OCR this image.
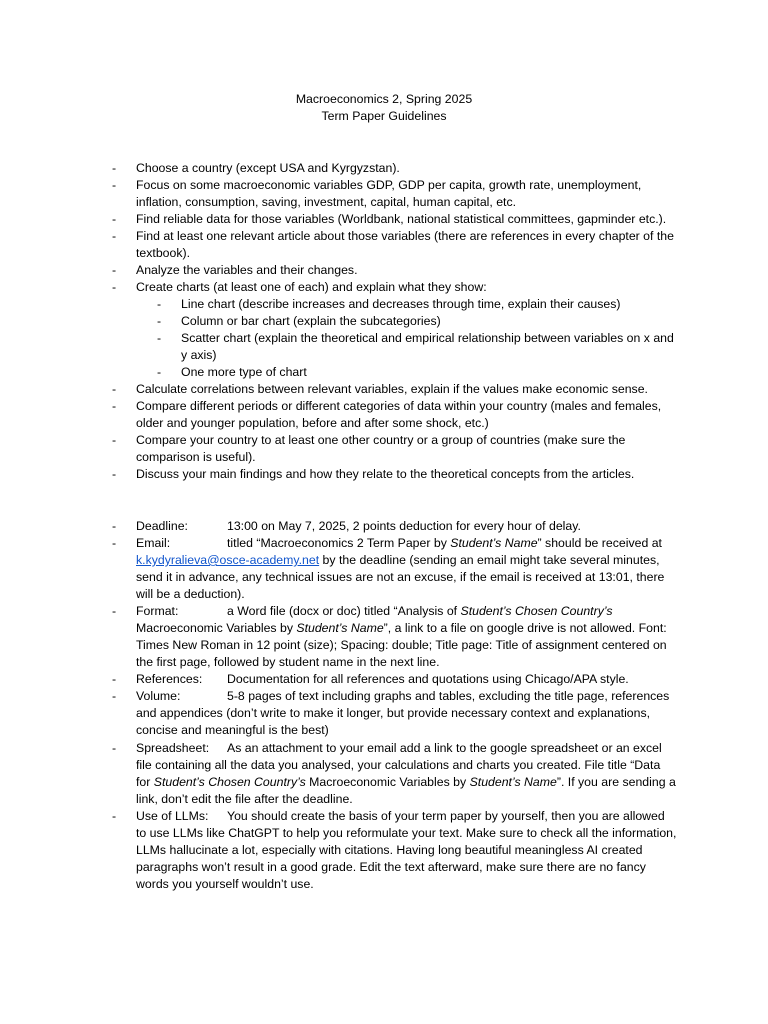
Macroeconomics 2, Spring 2025
Term Paper Guidelines
- Choose a country (except USA and Kyrgyzstan).
- Focus on some macroeconomic variables GDP, GDP per capita, growth rate, unemployment, inflation, consumption, saving, investment, capital, human capital, etc.
- Find reliable data for those variables (Worldbank, national statistical committees, gapminder etc.).
- Find at least one relevant article about those variables (there are references in every chapter of the textbook).
- Analyze the variables and their changes.
- Create charts (at least one of each) and explain what they show:
- Line chart (describe increases and decreases through time, explain their causes)
- Column or bar chart (explain the subcategories)
- Scatter chart (explain the theoretical and empirical relationship between variables on x and y axis)
- One more type of chart
- Calculate correlations between relevant variables, explain if the values make economic sense.
- Compare different periods or different categories of data within your country (males and females, older and younger population, before and after some shock, etc.)
- Compare your country to at least one other country or a group of countries (make sure the comparison is useful).
- Discuss your main findings and how they relate to the theoretical concepts from the articles.
- Deadline:	13:00 on May 7, 2025, 2 points deduction for every hour of delay.
- Email:	titled “Macroeconomics 2 Term Paper by Student’s Name” should be received at k.kydyralieva@osce-academy.net by the deadline (sending an email might take several minutes, send it in advance, any technical issues are not an excuse, if the email is received at 13:01, there will be a deduction).
- Format:	a Word file (docx or doc) titled “Analysis of Student’s Chosen Country’s Macroeconomic Variables by Student’s Name”, a link to a file on google drive is not allowed. Font: Times New Roman in 12 point (size); Spacing: double; Title page: Title of assignment centered on the first page, followed by student name in the next line.
- References: Documentation for all references and quotations using Chicago/APA style.
- Volume:	5-8 pages of text including graphs and tables, excluding the title page, references and appendices (don’t write to make it longer, but provide necessary context and explanations, concise and meaningful is the best)
- Spreadsheet: As an attachment to your email add a link to the google spreadsheet or an excel file containing all the data you analysed, your calculations and charts you created. File title “Data for Student’s Chosen Country’s Macroeconomic Variables by Student’s Name”. If you are sending a link, don’t edit the file after the deadline.
- Use of LLMs: You should create the basis of your term paper by yourself, then you are allowed to use LLMs like ChatGPT to help you reformulate your text. Make sure to check all the information, LLMs hallucinate a lot, especially with citations. Having long beautiful meaningless AI created paragraphs won’t result in a good grade. Edit the text afterward, make sure there are no fancy words you yourself wouldn’t use.
